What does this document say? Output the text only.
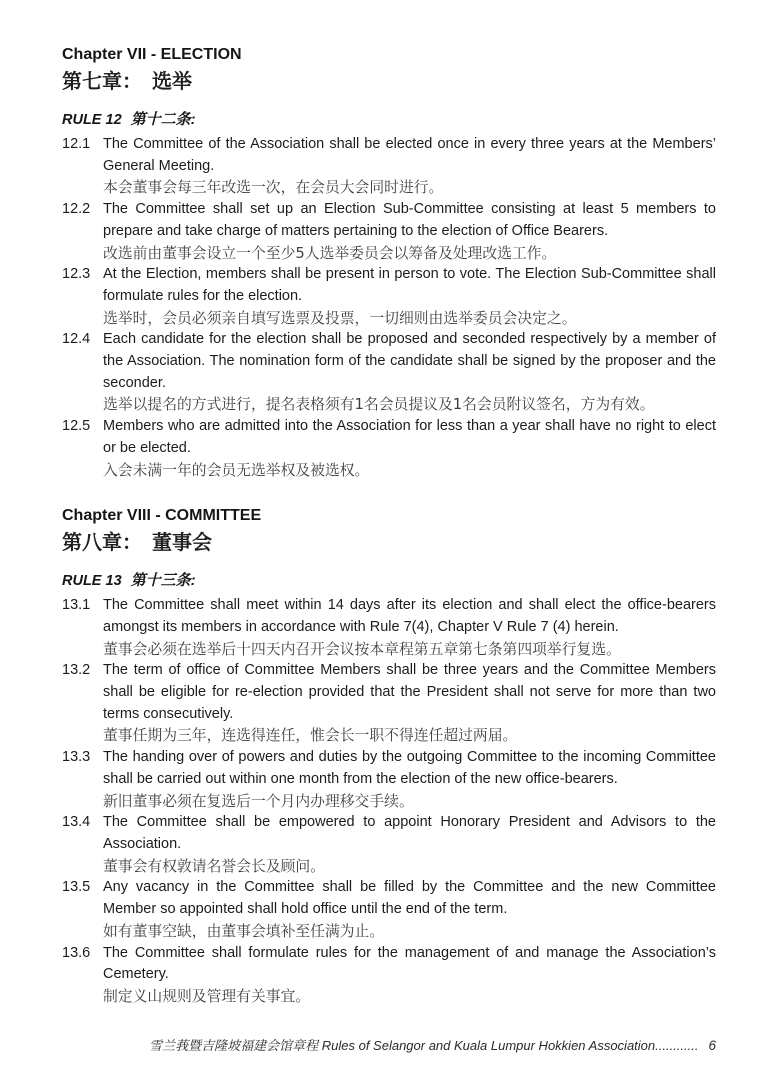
Chapter VII - ELECTION
第七章：　选举
RULE 12 第十二条:
12.1 The Committee of the Association shall be elected once in every three years at the Members’ General Meeting.

本会董事会每三年改选一次，在会员大会同时进行。

12.2 The Committee shall set up an Election Sub-Committee consisting at least 5 members to prepare and take charge of matters pertaining to the election of Office Bearers.

改选前由董事会设立一个至少5人选举委员会以筹备及处理改选工作。

12.3 At the Election, members shall be present in person to vote. The Election Sub-Committee shall formulate rules for the election.

选举时，会员必须亲自填写选票及投票，一切细则由选举委员会决定之。

12.4 Each candidate for the election shall be proposed and seconded respectively by a member of the Association. The nomination form of the candidate shall be signed by the proposer and the seconder.

选举以提名的方式进行，提名表格须有1名会员提议及1名会员附议签名，方为有效。

12.5 Members who are admitted into the Association for less than a year shall have no right to elect or be elected.

入会未满一年的会员无选举权及被选权。

Chapter VIII - COMMITTEE
第八章：　董事会
RULE 13 第十三条:
13.1 The Committee shall meet within 14 days after its election and shall elect the office-bearers amongst its members in accordance with Rule 7(4), Chapter V Rule 7 (4) herein.

董事会必须在选举后十四天内召开会议按本章程第五章第七条第四项举行复选。

13.2 The term of office of Committee Members shall be three years and the Committee Members shall be eligible for re-election provided that the President shall not serve for more than two terms consecutively.

董事任期为三年，连选得连任，惟会长一职不得连任超过两届。

13.3 The handing over of powers and duties by the outgoing Committee to the incoming Committee shall be carried out within one month from the election of the new office-bearers.

新旧董事必须在复选后一个月内办理移交手续。

13.4 The Committee shall be empowered to appoint Honorary President and Advisors to the Association.

董事会有权敦请名誉会长及顾问。

13.5 Any vacancy in the Committee shall be filled by the Committee and the new Committee Member so appointed shall hold office until the end of the term.

如有董事空缺，由董事会填补至任满为止。

13.6 The Committee shall formulate rules for the management of and manage the Association’s Cemetery.

制定义山规则及管理有关事宜。

雪兰莪暨吉隆坡福建会馆章程 Rules of Selangor and Kuala Lumpur Hokkien Association............ 6
